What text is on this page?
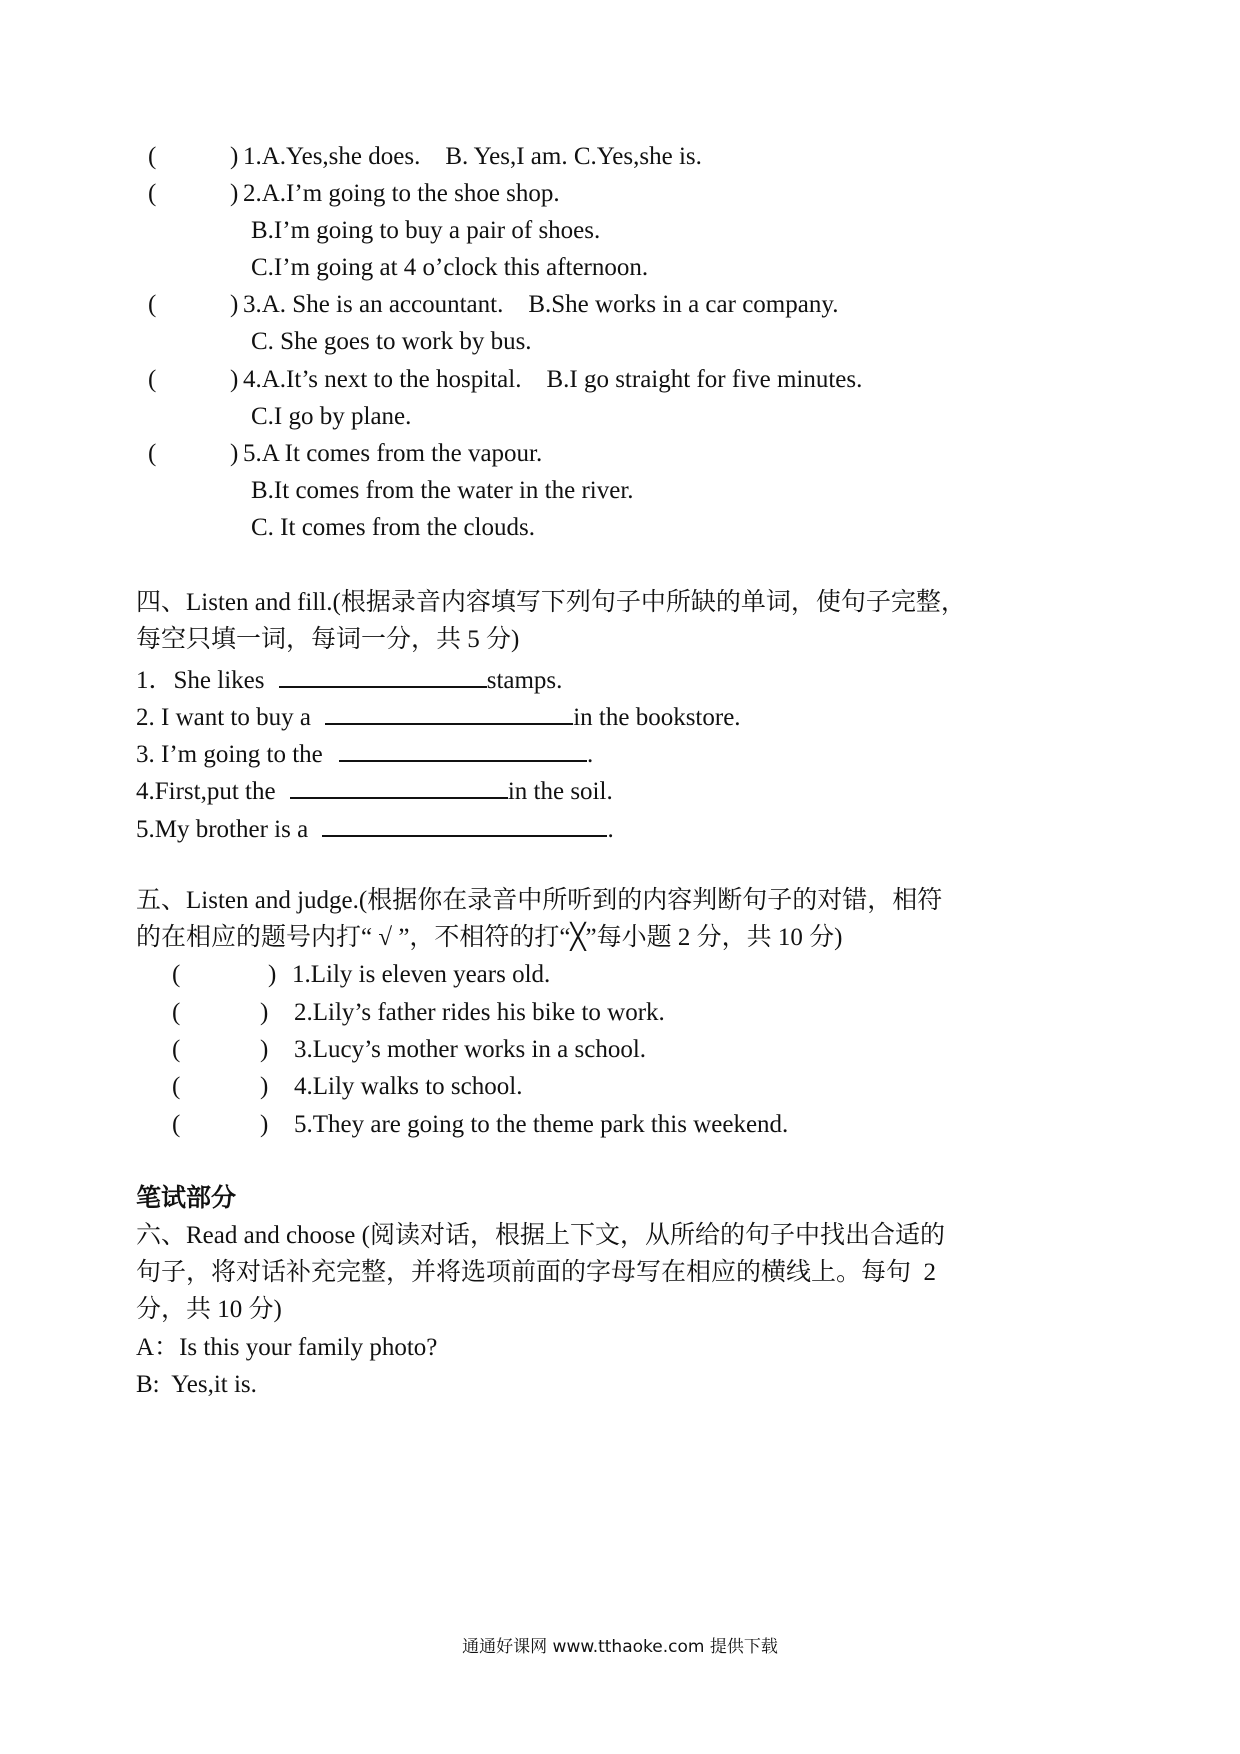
(	) 1.A.Yes,she does.    B. Yes,I am. C.Yes,she is.
(	) 2.A.I’m going to the shoe shop.
B.I’m going to buy a pair of shoes.
C.I’m going at 4 o’clock this afternoon.
(	) 3.A. She is an accountant.    B.She works in a car company.
C. She goes to work by bus.
(	) 4.A.It’s next to the hospital.    B.I go straight for five minutes.
C.I go by plane.
(	) 5.A It comes from the vapour.
B.It comes from the water in the river.
C. It comes from the clouds.
四、Listen and fill.(根据录音内容填写下列句子中所缺的单词，使句子完整，
每空只填一词，每词一分，共 5 分)
1．She likes	stamps.
2. I want to buy a	in the bookstore.
3. I’m going to the	.
4.First,put the	in the soil.
5.My brother is a	.
五、Listen and judge.(根据你在录音中所听到的内容判断句子的对错，相符
的在相应的题号内打“ √ ”，不相符的打“╳”每小题 2 分，共 10 分)
(	) 1.Lily is eleven years old.
(	) 2.Lily’s father rides his bike to work.
(	) 3.Lucy’s mother works in a school.
(	) 4.Lily walks to school.
(	) 5.They are going to the theme park this weekend.
笔试部分
六、Read and choose (阅读对话，根据上下文，从所给的句子中找出合适的
句子，将对话补充完整，并将选项前面的字母写在相应的横线上。每句  2
分，共 10 分)
A：Is this your family photo?
B:  Yes,it is.
通通好课网 www.tthaoke.com 提供下载
